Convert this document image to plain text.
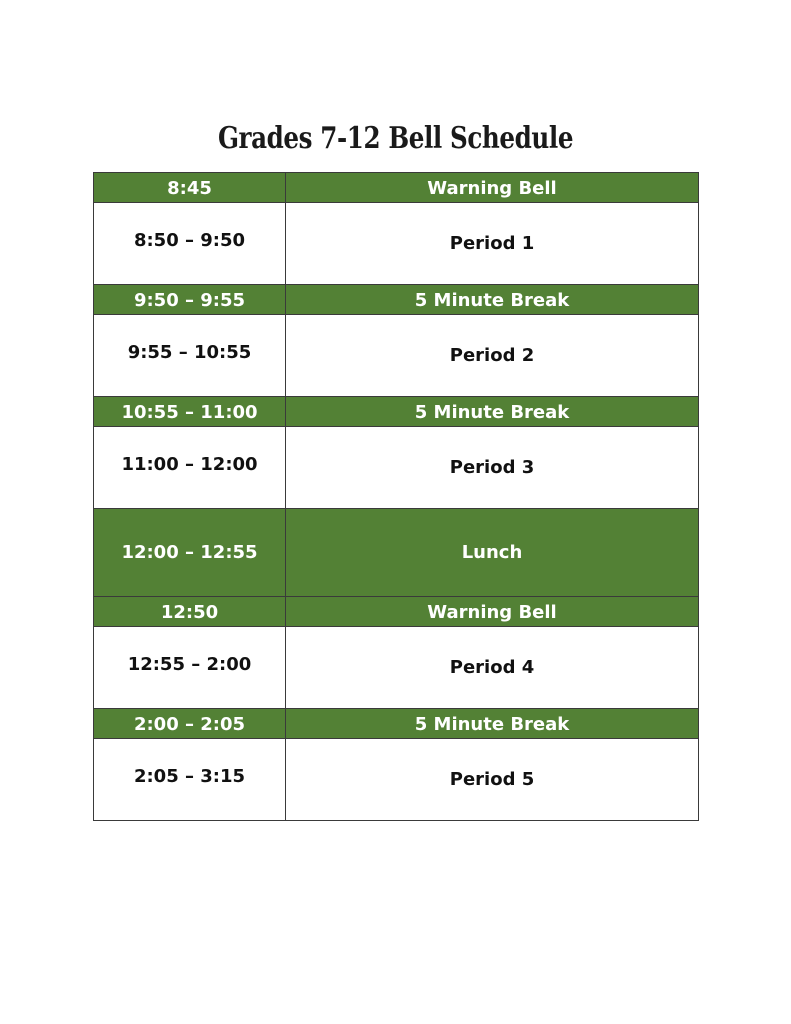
Grades 7-12 Bell Schedule
8:45	Warning Bell
8:50 – 9:50	Period 1
9:50 – 9:55	5 Minute Break
9:55 – 10:55	Period 2
10:55 – 11:00	5 Minute Break
11:00 – 12:00	Period 3
12:00 – 12:55	Lunch
12:50	Warning Bell
12:55 – 2:00	Period 4
2:00 – 2:05	5 Minute Break
2:05 – 3:15	Period 5
